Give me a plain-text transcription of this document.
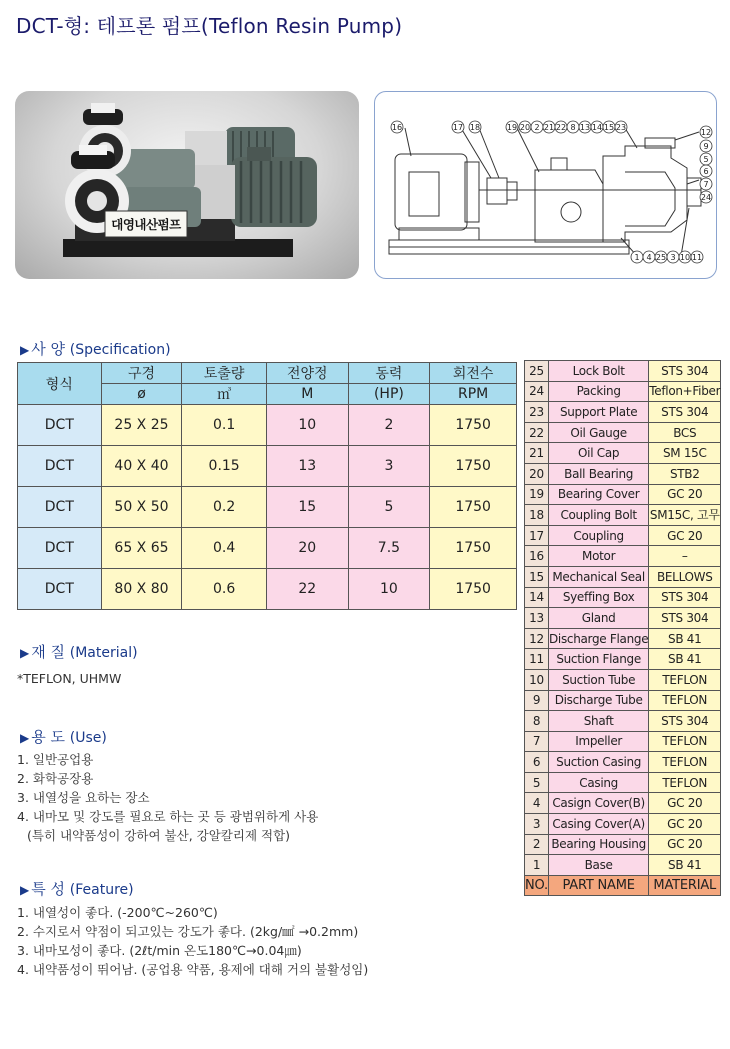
DCT-형: 테프론 펌프(Teflon Resin Pump)
대영내산펌프
16	17 18	19 20 2 21 22 8 13 14 15 23
12
9
5
6
7
24
1 4 25 3 10 11
▶ 사 양 (Specification)
형식	구경	토출량	전양정	동력	회전수
	ø	㎥	M	(HP)	RPM
DCT	25 X 25	0.1	10	2	1750
DCT	40 X 40	0.15	13	3	1750
DCT	50 X 50	0.2	15	5	1750
DCT	65 X 65	0.4	20	7.5	1750
DCT	80 X 80	0.6	22	10	1750
25	Lock Bolt	STS 304
24	Packing	Teflon+Fiber
23	Support Plate	STS 304
22	Oil Gauge	BCS
21	Oil Cap	SM 15C
20	Ball Bearing	STB2
19	Bearing Cover	GC 20
18	Coupling Bolt	SM15C, 고무
17	Coupling	GC 20
16	Motor	–
15	Mechanical Seal	BELLOWS
14	Syeffing Box	STS 304
13	Gland	STS 304
12	Discharge Flange	SB 41
11	Suction Flange	SB 41
10	Suction Tube	TEFLON
9	Discharge Tube	TEFLON
8	Shaft	STS 304
7	Impeller	TEFLON
6	Suction Casing	TEFLON
5	Casing	TEFLON
4	Casign Cover(B)	GC 20
3	Casing Cover(A)	GC 20
2	Bearing Housing	GC 20
1	Base	SB 41
NO.	PART NAME	MATERIAL
▶ 재 질 (Material)
*TEFLON, UHMW
▶ 용 도 (Use)
1. 일반공업용
2. 화학공장용
3. 내열성을 요하는 장소
4. 내마모 및 강도를 필요로 하는 곳 등 광범위하게 사용
(특히 내약품성이 강하여 불산, 강알칼리제 적합)
▶ 특 성 (Feature)
1. 내열성이 좋다. (-200℃~260℃)
2. 수지로서 약점이 되고있는 강도가 좋다. (2kg/㎟ →0.2mm)
3. 내마모성이 좋다. (2ℓt/min 온도180℃→0.04㎛)
4. 내약품성이 뛰어남. (공업용 약품, 용제에 대해 거의 불활성임)
